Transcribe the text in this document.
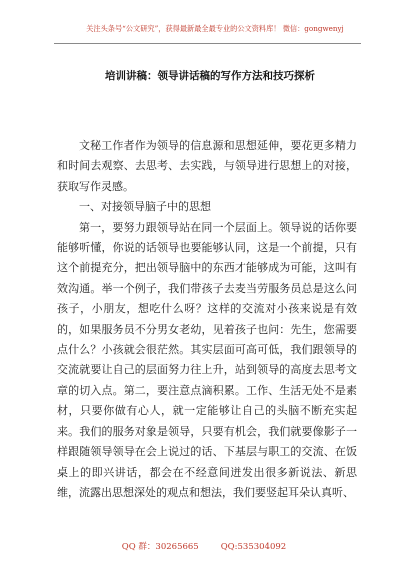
关注头条号“公文研究”，获得最新最全最专业的公文资料库！ 微信：gongwenyj
培训讲稿：领导讲话稿的写作方法和技巧探析

文秘工作者作为领导的信息源和思想延伸，要花更多精力和时间去观察、去思考、去实践，与领导进行思想上的对接，获取写作灵感。

一、对接领导脑子中的思想

第一，要努力跟领导站在同一个层面上。领导说的话你要能够听懂，你说的话领导也要能够认同，这是一个前提，只有这个前提充分，把出领导脑中的东西才能够成为可能，这叫有效沟通。举一个例子，我们带孩子去麦当劳服务员总是这么问孩子，小朋友，想吃什么呀？这样的交流对小孩来说是有效的，如果服务员不分男女老幼，见着孩子也问：先生，您需要点什么？小孩就会很茫然。其实层面可高可低，我们跟领导的交流就要让自己的层面努力往上升，站到领导的高度去思考文章的切入点。第二，要注意点滴积累。工作、生活无处不是素材，只要你做有心人，就一定能够让自己的头脑不断充实起来。我们的服务对象是领导，只要有机会，我们就要像影子一样跟随领导领导在会上说过的话、下基层与职工的交流、在饭桌上的即兴讲话，都会在不经意间迸发出很多新说法、新思维，流露出思想深处的观点和想法，我们要竖起耳朵认真听、

QQ 群：30265665	QQ:535304092
